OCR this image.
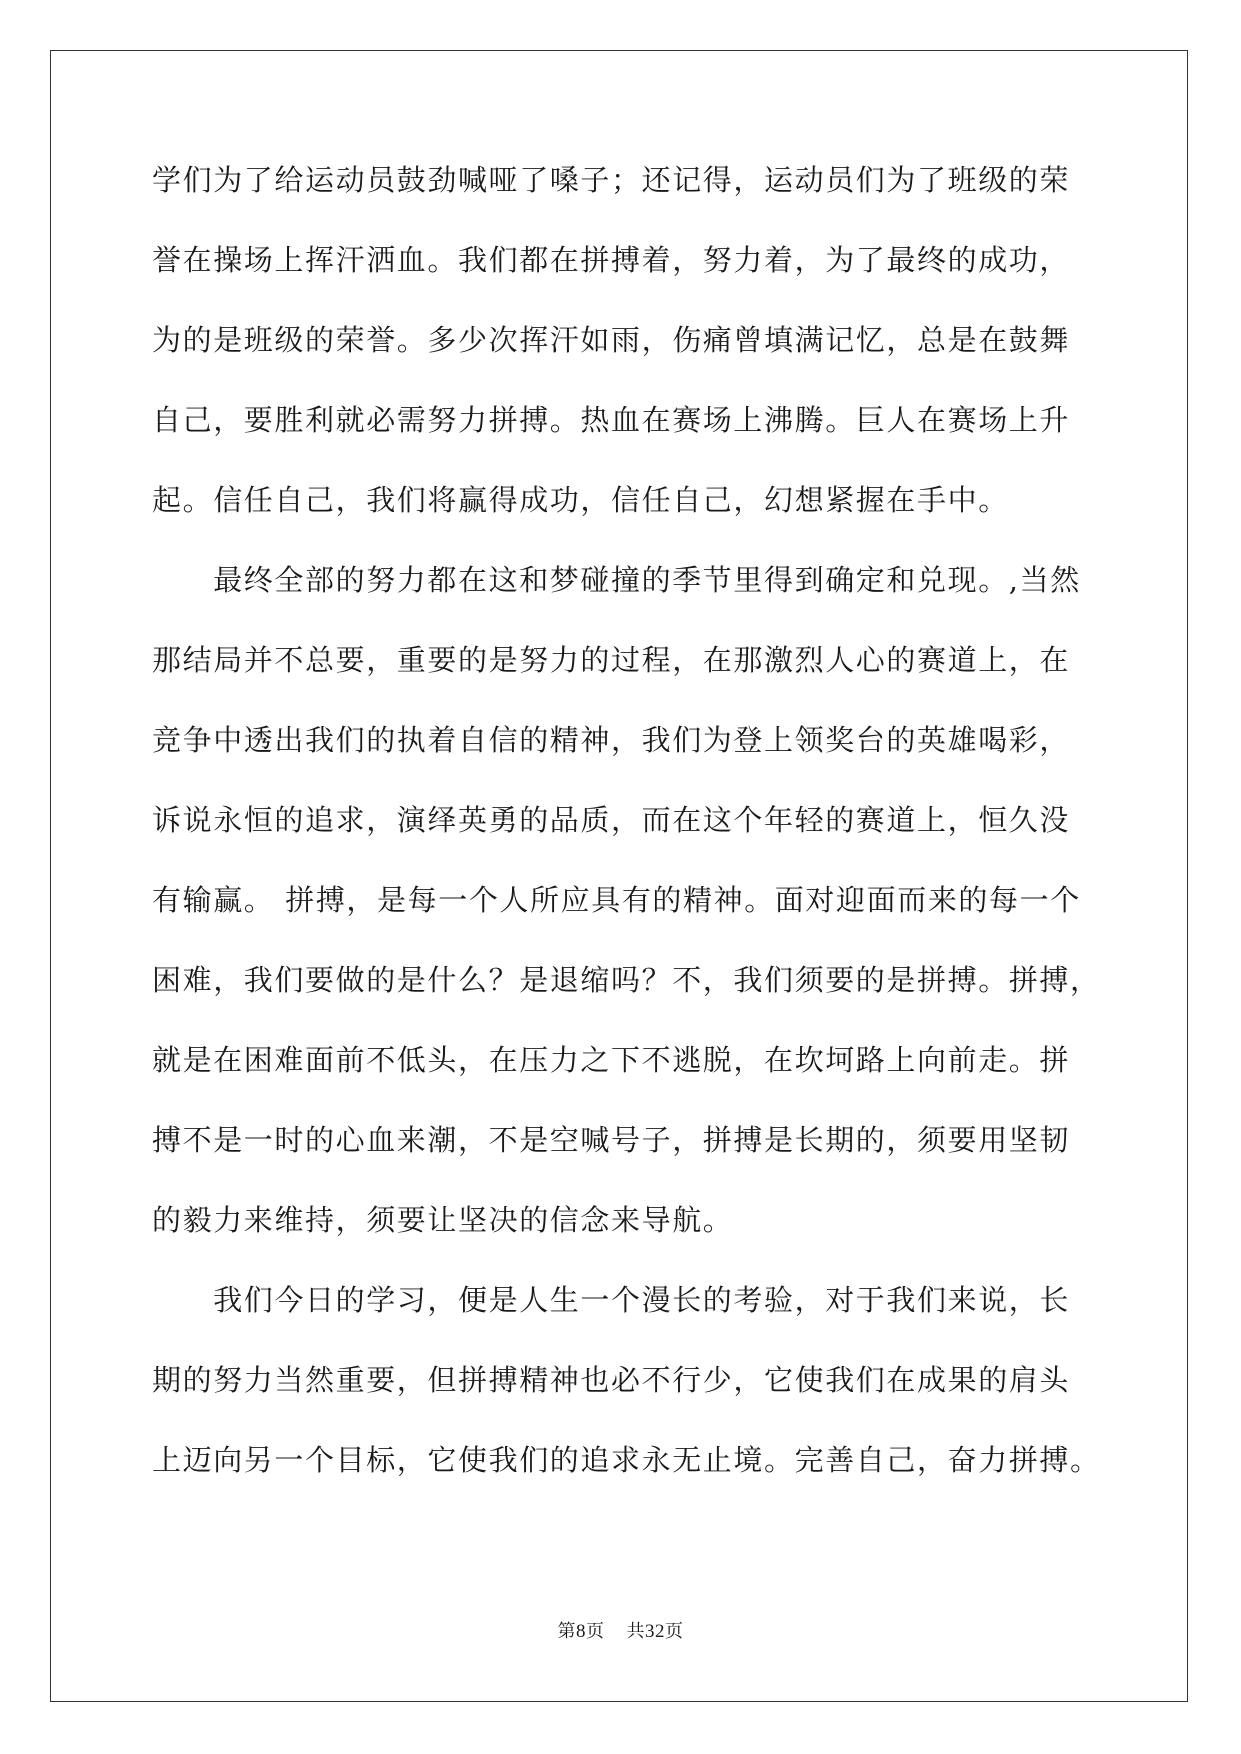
学们为了给运动员鼓劲喊哑了嗓子；还记得，运动员们为了班级的荣
誉在操场上挥汗洒血。我们都在拼搏着，努力着，为了最终的成功，
为的是班级的荣誉。多少次挥汗如雨，伤痛曾填满记忆，总是在鼓舞
自己，要胜利就必需努力拼搏。热血在赛场上沸腾。巨人在赛场上升
起。信任自己，我们将赢得成功，信任自己，幻想紧握在手中。
　　最终全部的努力都在这和梦碰撞的季节里得到确定和兑现。,当然
那结局并不总要，重要的是努力的过程，在那激烈人心的赛道上，在
竞争中透出我们的执着自信的精神，我们为登上领奖台的英雄喝彩，
诉说永恒的追求，演绎英勇的品质，而在这个年轻的赛道上，恒久没
有输赢。 拼搏，是每一个人所应具有的精神。面对迎面而来的每一个
困难，我们要做的是什么？是退缩吗？不，我们须要的是拼搏。拼搏，
就是在困难面前不低头，在压力之下不逃脱，在坎坷路上向前走。拼
搏不是一时的心血来潮，不是空喊号子，拼搏是长期的，须要用坚韧
的毅力来维持，须要让坚决的信念来导航。
　　我们今日的学习，便是人生一个漫长的考验，对于我们来说，长
期的努力当然重要，但拼搏精神也必不行少，它使我们在成果的肩头
上迈向另一个目标，它使我们的追求永无止境。完善自己，奋力拼搏。
第8页 共32页
